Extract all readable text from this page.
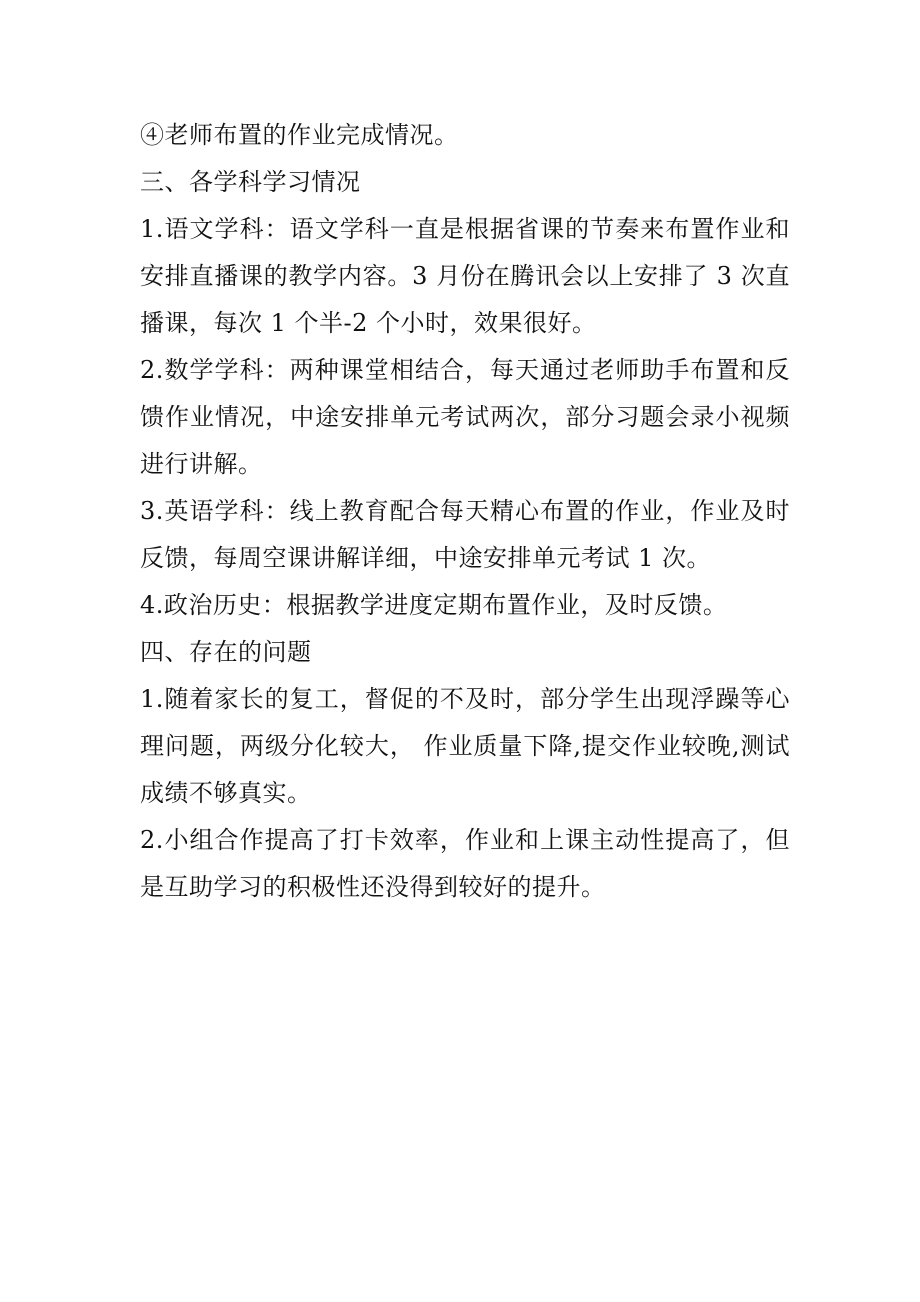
④老师布置的作业完成情况。

三、各学科学习情况

1.语文学科：语文学科一直是根据省课的节奏来布置作业和安排直播课的教学内容。3 月份在腾讯会以上安排了 3 次直播课，每次 1 个半-2 个小时，效果很好。

2.数学学科：两种课堂相结合，每天通过老师助手布置和反馈作业情况，中途安排单元考试两次，部分习题会录小视频进行讲解。

3.英语学科：线上教育配合每天精心布置的作业，作业及时反馈，每周空课讲解详细，中途安排单元考试 1 次。

4.政治历史：根据教学进度定期布置作业，及时反馈。

四、存在的问题

1.随着家长的复工，督促的不及时，部分学生出现浮躁等心理问题，两级分化较大， 作业质量下降,提交作业较晚,测试成绩不够真实。

2.小组合作提高了打卡效率，作业和上课主动性提高了，但是互助学习的积极性还没得到较好的提升。
